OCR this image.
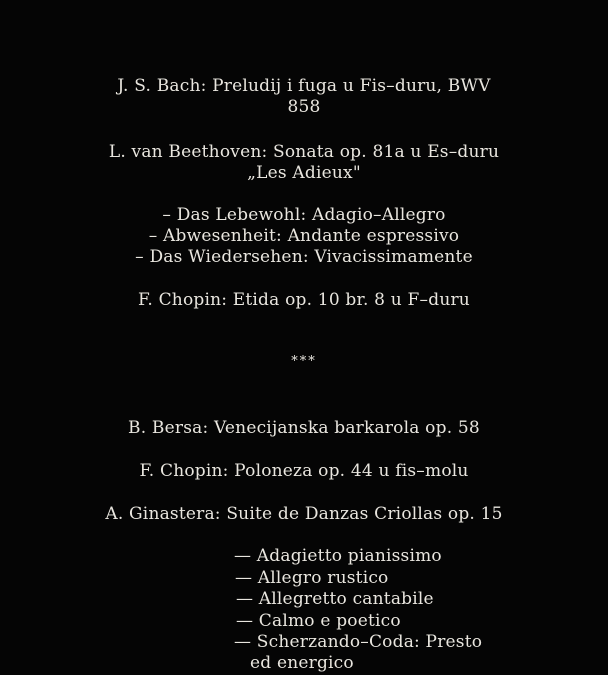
J. S. Bach: Preludij i fuga u Fis–duru, BWV
858
L. van Beethoven: Sonata op. 81a u Es–duru
„Les Adieux"
– Das Lebewohl: Adagio–Allegro
– Abwesenheit: Andante espressivo
– Das Wiedersehen: Vivacissimamente
F. Chopin: Etida op. 10 br. 8 u F–duru
***
B. Bersa: Venecijanska barkarola op. 58
F. Chopin: Poloneza op. 44 u fis–molu
A. Ginastera: Suite de Danzas Criollas op. 15
— Adagietto pianissimo
— Allegro rustico
— Allegretto cantabile
— Calmo e poetico
— Scherzando–Coda: Presto
ed energico
